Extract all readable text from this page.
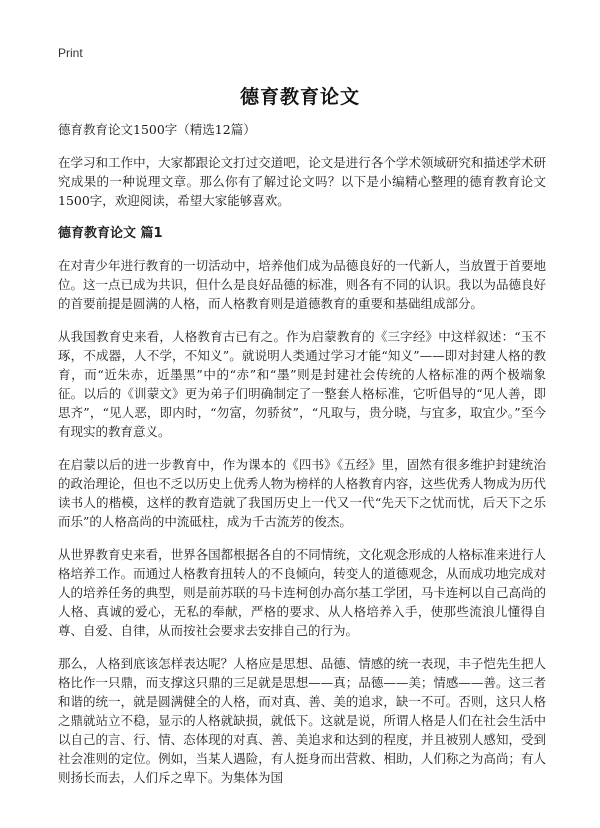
Print
德育教育论文
德育教育论文1500字（精选12篇）

在学习和工作中，大家都跟论文打过交道吧，论文是进行各个学术领域研究和描述学术研究成果的一种说理文章。那么你有了解过论文吗？以下是小编精心整理的德育教育论文1500字，欢迎阅读，希望大家能够喜欢。

德育教育论文 篇1

在对青少年进行教育的一切活动中，培养他们成为品德良好的一代新人，当放置于首要地位。这一点已成为共识，但什么是良好品德的标准，则各有不同的认识。我以为品德良好的首要前提是圆满的人格，而人格教育则是道德教育的重要和基础组成部分。

从我国教育史来看，人格教育古已有之。作为启蒙教育的《三字经》中这样叙述：“玉不琢，不成器，人不学，不知义”。就说明人类通过学习才能“知义”——即对封建人格的教育，而“近朱赤，近墨黑”中的“赤”和“墨”则是封建社会传统的人格标准的两个极端象征。以后的《训蒙文》更为弟子们明确制定了一整套人格标准，它听倡导的“见人善，即思齐”，“见人恶，即内时，“勿富，勿骄贫”，“凡取与，贵分晓，与宜多，取宜少。”至今有现实的教育意义。

在启蒙以后的进一步教育中，作为课本的《四书》《五经》里，固然有很多维护封建统治的政治理论，但也不乏以历史上优秀人物为榜样的人格教育内容，这些优秀人物成为历代读书人的楷模，这样的教育造就了我国历史上一代又一代“先天下之忧而忧，后天下之乐而乐”的人格高尚的中流砥柱，成为千古流芳的俊杰。

从世界教育史来看，世界各国都根据各自的不同情统，文化观念形成的人格标准来进行人格培养工作。而通过人格教育扭转人的不良倾向，转变人的道德观念，从而成功地完成对人的培养任务的典型，则是前苏联的马卡连柯创办高尔基工学团，马卡连柯以自己高尚的人格、真诚的爱心，无私的奉献，严格的要求、从人格培养入手，使那些流浪儿懂得自尊、自爱、自律，从而按社会要求去安排自己的行为。

那么，人格到底该怎样表达呢？人格应是思想、品德、情感的统一表现，丰子恺先生把人格比作一只鼎，而支撑这只鼎的三足就是思想——真；品德——美；情感——善。这三者和谐的统一，就是圆满健全的人格，而对真、善、美的追求，缺一不可。否则，这只人格之鼎就站立不稳，显示的人格就缺损，就低下。这就是说，所谓人格是人们在社会生活中以自己的言、行、情、态体现的对真、善、美追求和达到的程度，并且被别人感知，受到社会准则的定位。例如，当某人遇险，有人挺身而出营救、相助，人们称之为高尚；有人则扬长而去，人们斥之卑下。为集体为国
